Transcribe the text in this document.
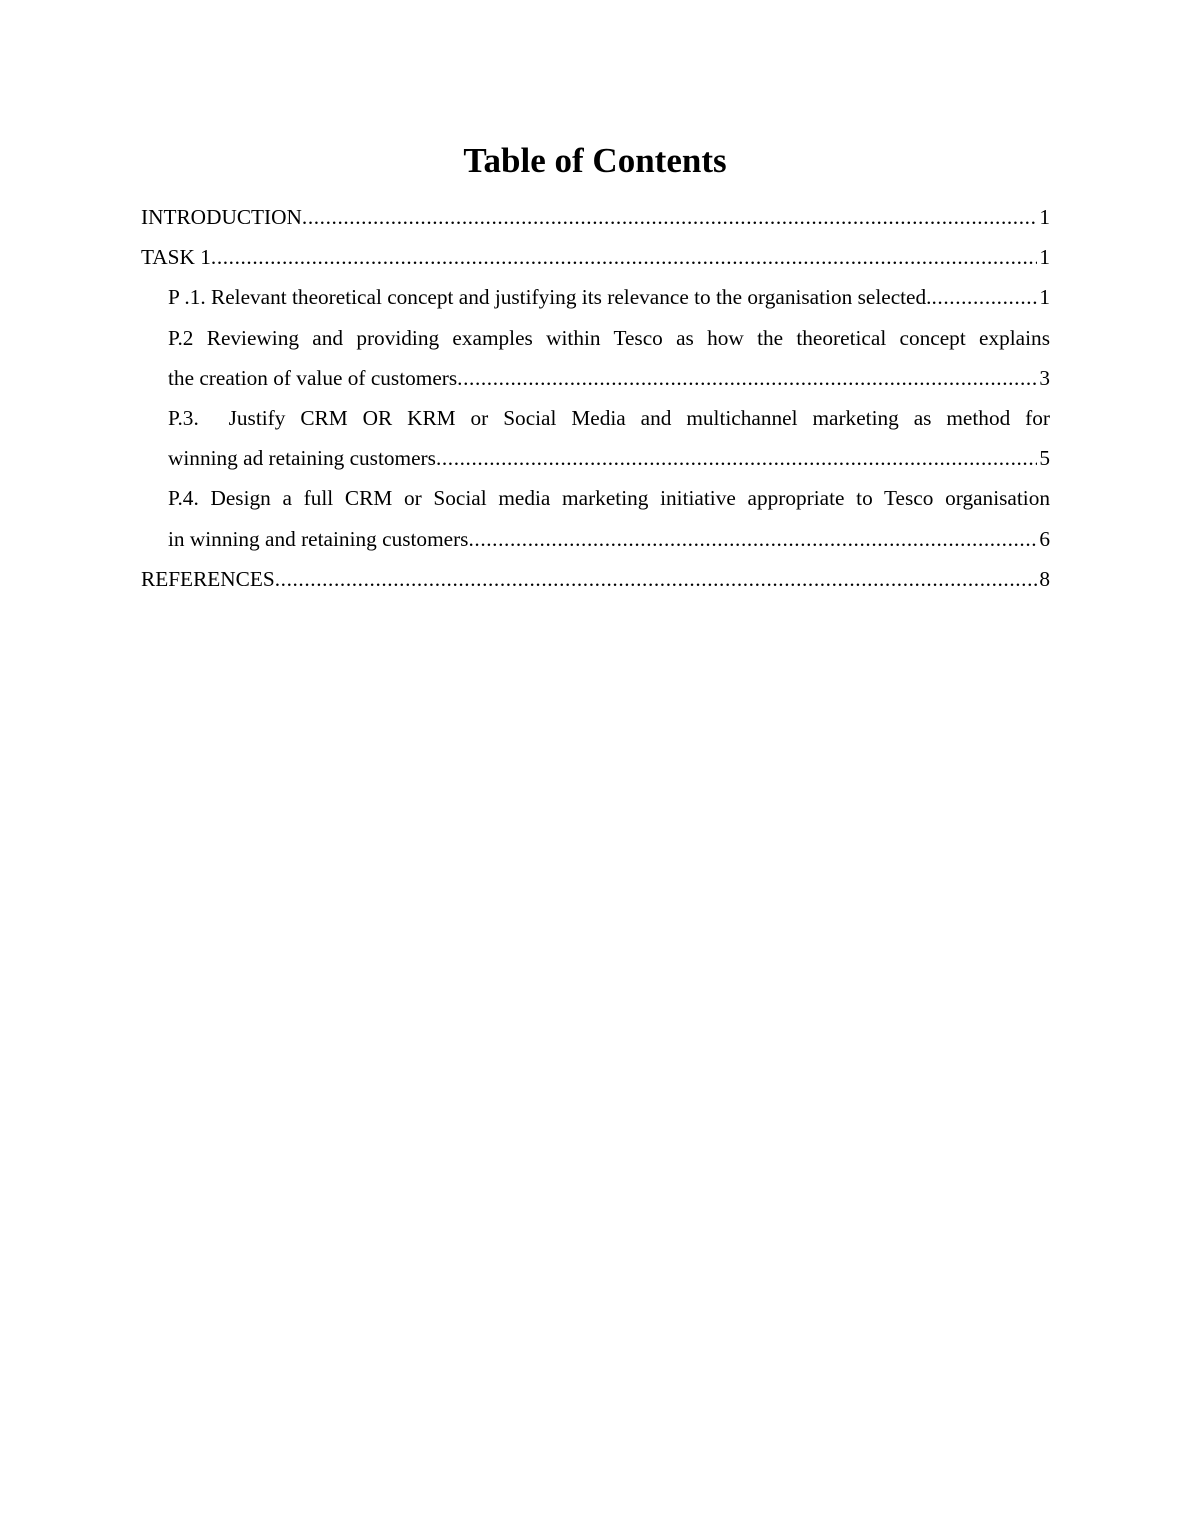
Table of Contents
INTRODUCTION .....	1
TASK 1 .....	1
P .1. Relevant theoretical concept and justifying its relevance to the organisation selected. .....	1
P.2 Reviewing and providing examples within Tesco as how the theoretical concept explains
the creation of value of customers .....	3
P.3.  Justify CRM OR KRM or Social Media and multichannel marketing as method for
winning ad retaining customers .....	5
P.4. Design a full CRM or Social media marketing initiative appropriate to Tesco organisation
in winning and retaining customers .....	6
REFERENCES .....	8
